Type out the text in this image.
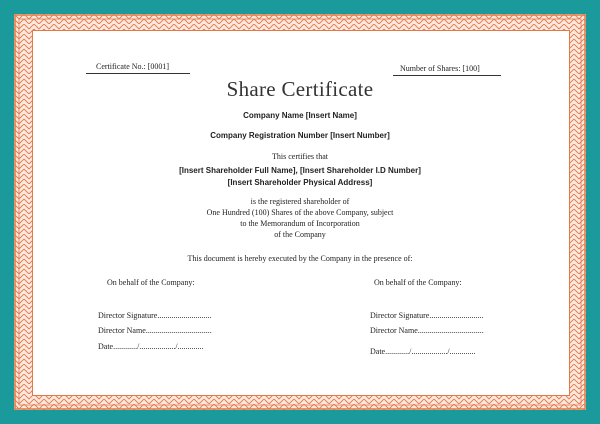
Certificate No.: [0001]	Number of Shares: [100]
Share Certificate
Company Name [Insert Name]
Company Registration Number [Insert Number]
This certifies that
[Insert Shareholder Full Name], [Insert Shareholder I.D Number]
[Insert Shareholder Physical Address]
is the registered shareholder of
One Hundred (100) Shares of the above Company, subject
to the Memorandum of Incorporation
of the Company
This document is hereby executed by the Company in the presence of:
On behalf of the Company:	On behalf of the Company:
Director Signature...........................
Director Name.................................
Date............/................../.............
Director Signature...........................
Director Name.................................
Date............/................../.............
